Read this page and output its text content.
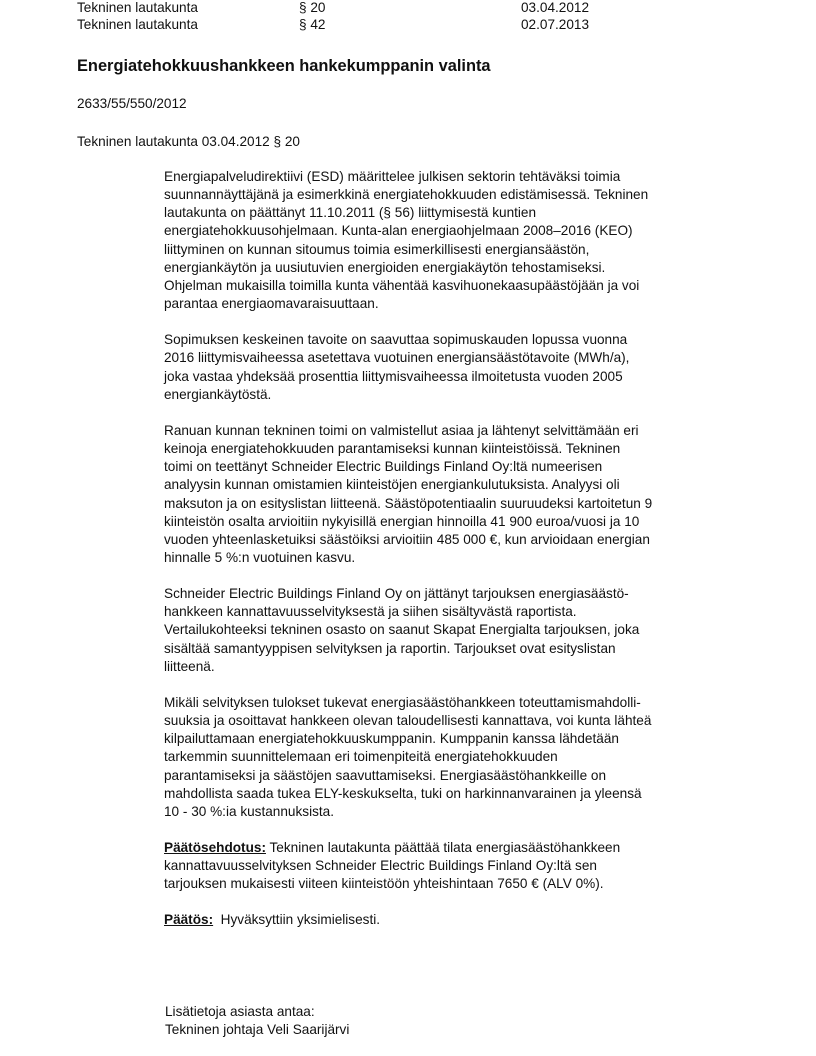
Tekninen lautakunta	§ 20	03.04.2012
Tekninen lautakunta	§ 42	02.07.2013
Energiatehokkuushankkeen hankekumppanin valinta

2633/55/550/2012

Tekninen lautakunta 03.04.2012 § 20

Energiapalveludirektiivi (ESD) määrittelee julkisen sektorin tehtäväksi toimia
suunnannäyttäjänä ja esimerkkinä energiatehokkuuden edistämisessä. Tekninen
lautakunta on päättänyt 11.10.2011 (§ 56) liittymisestä kuntien
energiatehokkuusohjelmaan. Kunta-alan energiaohjelmaan 2008–2016 (KEO)
liittyminen on kunnan sitoumus toimia esimerkillisesti energiansäästön,
energiankäytön ja uusiutuvien energioiden energiakäytön tehostamiseksi.
Ohjelman mukaisilla toimilla kunta vähentää kasvihuonekaasupäästöjään ja voi
parantaa energiaomavaraisuuttaan.

Sopimuksen keskeinen tavoite on saavuttaa sopimuskauden lopussa vuonna
2016 liittymisvaiheessa asetettava vuotuinen energiansäästötavoite (MWh/a),
joka vastaa yhdeksää prosenttia liittymisvaiheessa ilmoitetusta vuoden 2005
energiankäytöstä.

Ranuan kunnan tekninen toimi on valmistellut asiaa ja lähtenyt selvittämään eri
keinoja energiatehokkuuden parantamiseksi kunnan kiinteistöissä. Tekninen
toimi on teettänyt Schneider Electric Buildings Finland Oy:ltä numeerisen
analyysin kunnan omistamien kiinteistöjen energiankulutuksista. Analyysi oli
maksuton ja on esityslistan liitteenä. Säästöpotentiaalin suuruudeksi kartoitetun 9
kiinteistön osalta arvioitiin nykyisillä energian hinnoilla 41 900 euroa/vuosi ja 10
vuoden yhteenlasketuiksi säästöiksi arvioitiin 485 000 €, kun arvioidaan energian
hinnalle 5 %:n vuotuinen kasvu.

Schneider Electric Buildings Finland Oy on jättänyt tarjouksen energiasäästö-
hankkeen kannattavuusselvityksestä ja siihen sisältyvästä raportista.
Vertailukohteeksi tekninen osasto on saanut Skapat Energialta tarjouksen, joka
sisältää samantyyppisen selvityksen ja raportin. Tarjoukset ovat esityslistan
liitteenä.

Mikäli selvityksen tulokset tukevat energiasäästöhankkeen toteuttamismahdolli-
suuksia ja osoittavat hankkeen olevan taloudellisesti kannattava, voi kunta lähteä
kilpailuttamaan energiatehokkuuskumppanin. Kumppanin kanssa lähdetään
tarkemmin suunnittelemaan eri toimenpiteitä energiatehokkuuden
parantamiseksi ja säästöjen saavuttamiseksi. Energiasäästöhankkeille on
mahdollista saada tukea ELY-keskukselta, tuki on harkinnanvarainen ja yleensä
10 - 30 %:ia kustannuksista.

Päätösehdotus: Tekninen lautakunta päättää tilata energiasäästöhankkeen
kannattavuusselvityksen Schneider Electric Buildings Finland Oy:ltä sen
tarjouksen mukaisesti viiteen kiinteistöön yhteishintaan 7650 € (ALV 0%).

Päätös:  Hyväksyttiin yksimielisesti.

Lisätietoja asiasta antaa:
Tekninen johtaja Veli Saarijärvi
